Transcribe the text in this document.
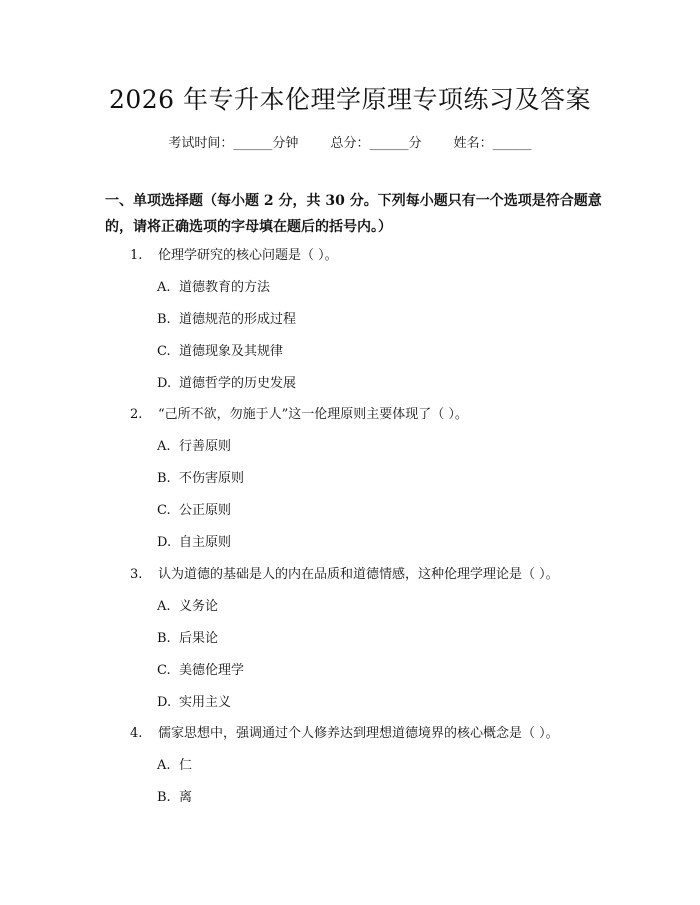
2026 年专升本伦理学原理专项练习及答案
考试时间：______分钟 总分：______分 姓名：______
一、单项选择题（每小题 2 分，共 30 分。下列每小题只有一个选项是符合题意的，请将正确选项的字母填在题后的括号内。）
1. 伦理学研究的核心问题是（ ）。
A. 道德教育的方法
B. 道德规范的形成过程
C. 道德现象及其规律
D. 道德哲学的历史发展
2. “己所不欲，勿施于人”这一伦理原则主要体现了（ ）。
A. 行善原则
B. 不伤害原则
C. 公正原则
D. 自主原则
3. 认为道德的基础是人的内在品质和道德情感，这种伦理学理论是（ ）。
A. 义务论
B. 后果论
C. 美德伦理学
D. 实用主义
4. 儒家思想中，强调通过个人修养达到理想道德境界的核心概念是（ ）。
A. 仁
B. 离
